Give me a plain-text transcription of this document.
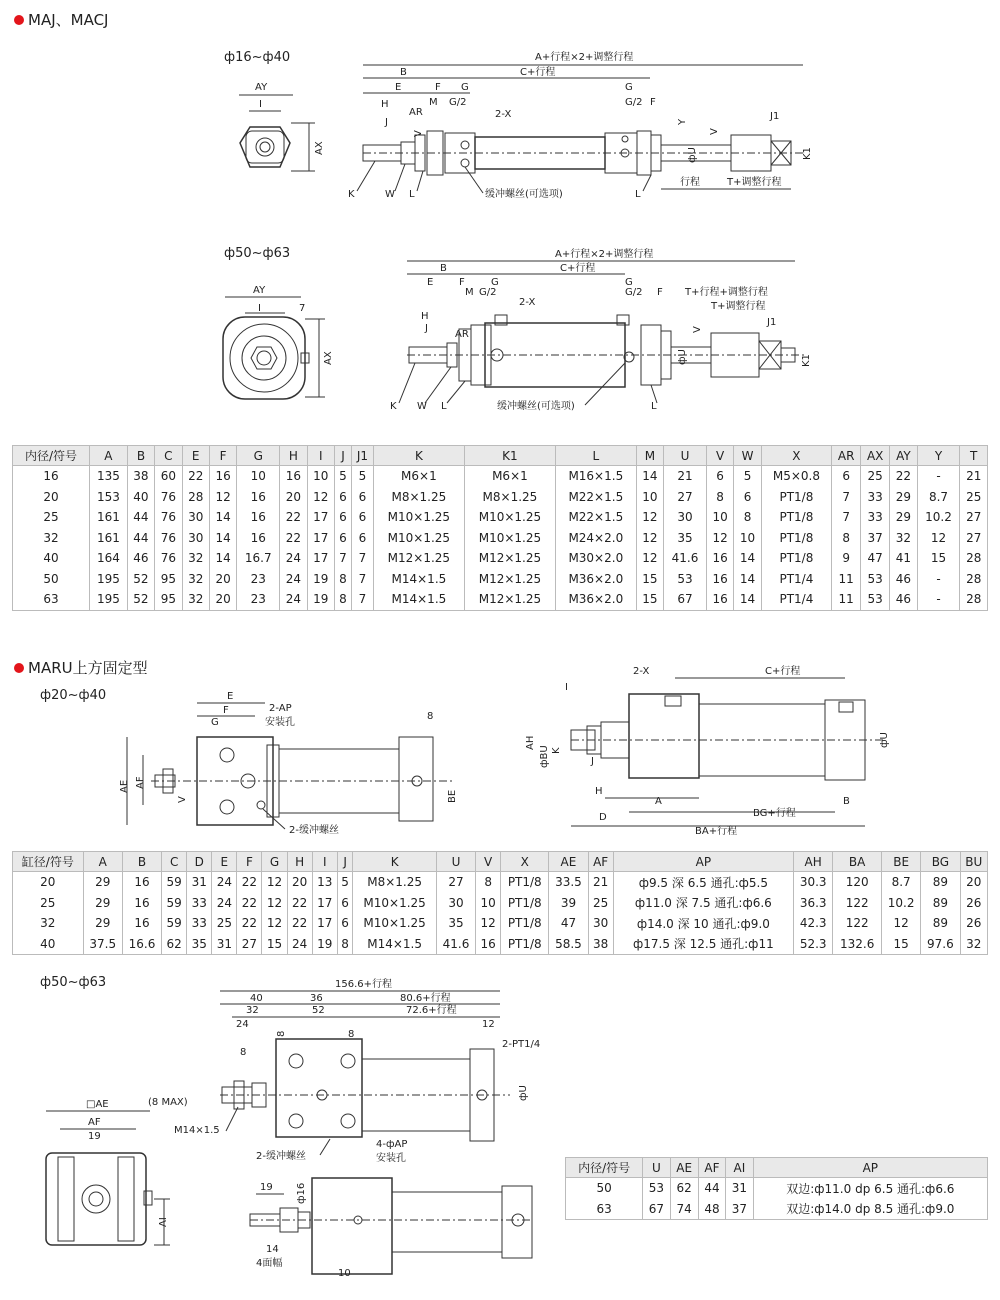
MAJ、MACJ
ф16~ф40
ф50~ф63
AY
I
AX
A+行程×2+调整行程
B	C+行程
E	F G	G
H
AR
M G/2	G/2 F
2-X
J
V
Y
V
J1
фU	K1
行程	T+调整行程
K	W L	缓冲螺丝(可选项)	L
AY
I	7
AX
A+行程×2+调整行程
B	C+行程
E	F	G	G
M G/2	G/2 F T+行程+调整行程
T+调整行程
2-X
H
J
AR	V
J1
фU	K1
K W L	缓冲螺丝(可选项)	L
内径/符号	A	B	C	E	F	G	H	I	J	J1	K	K1	L	M	U	V	W	X	AR	AX	AY	Y	T
16	135	38	60	22	16	10	16	10	5	5	M6×1	M6×1	M16×1.5	14	21	6	5	M5×0.8	6	25	22	-	21
20	153	40	76	28	12	16	20	12	6	6	M8×1.25	M8×1.25	M22×1.5	10	27	8	6	PT1/8	7	33	29	8.7	25
25	161	44	76	30	14	16	22	17	6	6	M10×1.25	M10×1.25	M22×1.5	12	30	10	8	PT1/8	7	33	29	10.2	27
32	161	44	76	30	14	16	22	17	6	6	M10×1.25	M10×1.25	M24×2.0	12	35	12	10	PT1/8	8	37	32	12	27
40	164	46	76	32	14	16.7	24	17	7	7	M12×1.25	M12×1.25	M30×2.0	12	41.6	16	14	PT1/8	9	47	41	15	28
50	195	52	95	32	20	23	24	19	8	7	M14×1.5	M12×1.25	M36×2.0	15	53	16	14	PT1/4	11	53	46	-	28
63	195	52	95	32	20	23	24	19	8	7	M14×1.5	M12×1.25	M36×2.0	15	67	16	14	PT1/4	11	53	46	-	28
MARU上方固定型
ф20~ф40	E
F
G
2-AP
安装孔
8
AE AF
V	BE
2-缓冲螺丝
I
2-X	C+行程
AH
фBU K
J
фU
H
A
D	BG+行程
B
BA+行程
缸径/符号	A	B	C	D	E	F	G	H	I	J	K	U	V	X	AE	AF	AP	AH	BA	BE	BG	BU
20	29	16	59	31	24	22	12	20	13	5	M8×1.25	27	8	PT1/8	33.5	21	ф9.5 深 6.5 通孔:ф5.5	30.3	120	8.7	89	20
25	29	16	59	33	24	22	12	22	17	6	M10×1.25	30	10	PT1/8	39	25	ф11.0 深 7.5 通孔:ф6.6	36.3	122	10.2	89	26
32	29	16	59	33	25	22	12	22	17	6	M10×1.25	35	12	PT1/8	47	30	ф14.0 深 10 通孔:ф9.0	42.3	122	12	89	26
40	37.5	16.6	62	35	31	27	15	24	19	8	M14×1.5	41.6	16	PT1/8	58.5	38	ф17.5 深 12.5 通孔:ф11	52.3	132.6	15	97.6	32
ф50~ф63	156.6+行程
40	36	80.6+行程
32	52	72.6+行程
24
8	8
12
8
2-PT1/4
фU
M14×1.5
4-фAP
安装孔
2-缓冲螺丝
□AE	(8 MAX)
AF
19
AI
19 ф16
14
4面幅
10
内径/符号	U	AE	AF	AI	AP
50	53	62	44	31	双边:ф11.0 dp 6.5 通孔:ф6.6
63	67	74	48	37	双边:ф14.0 dp 8.5 通孔:ф9.0
